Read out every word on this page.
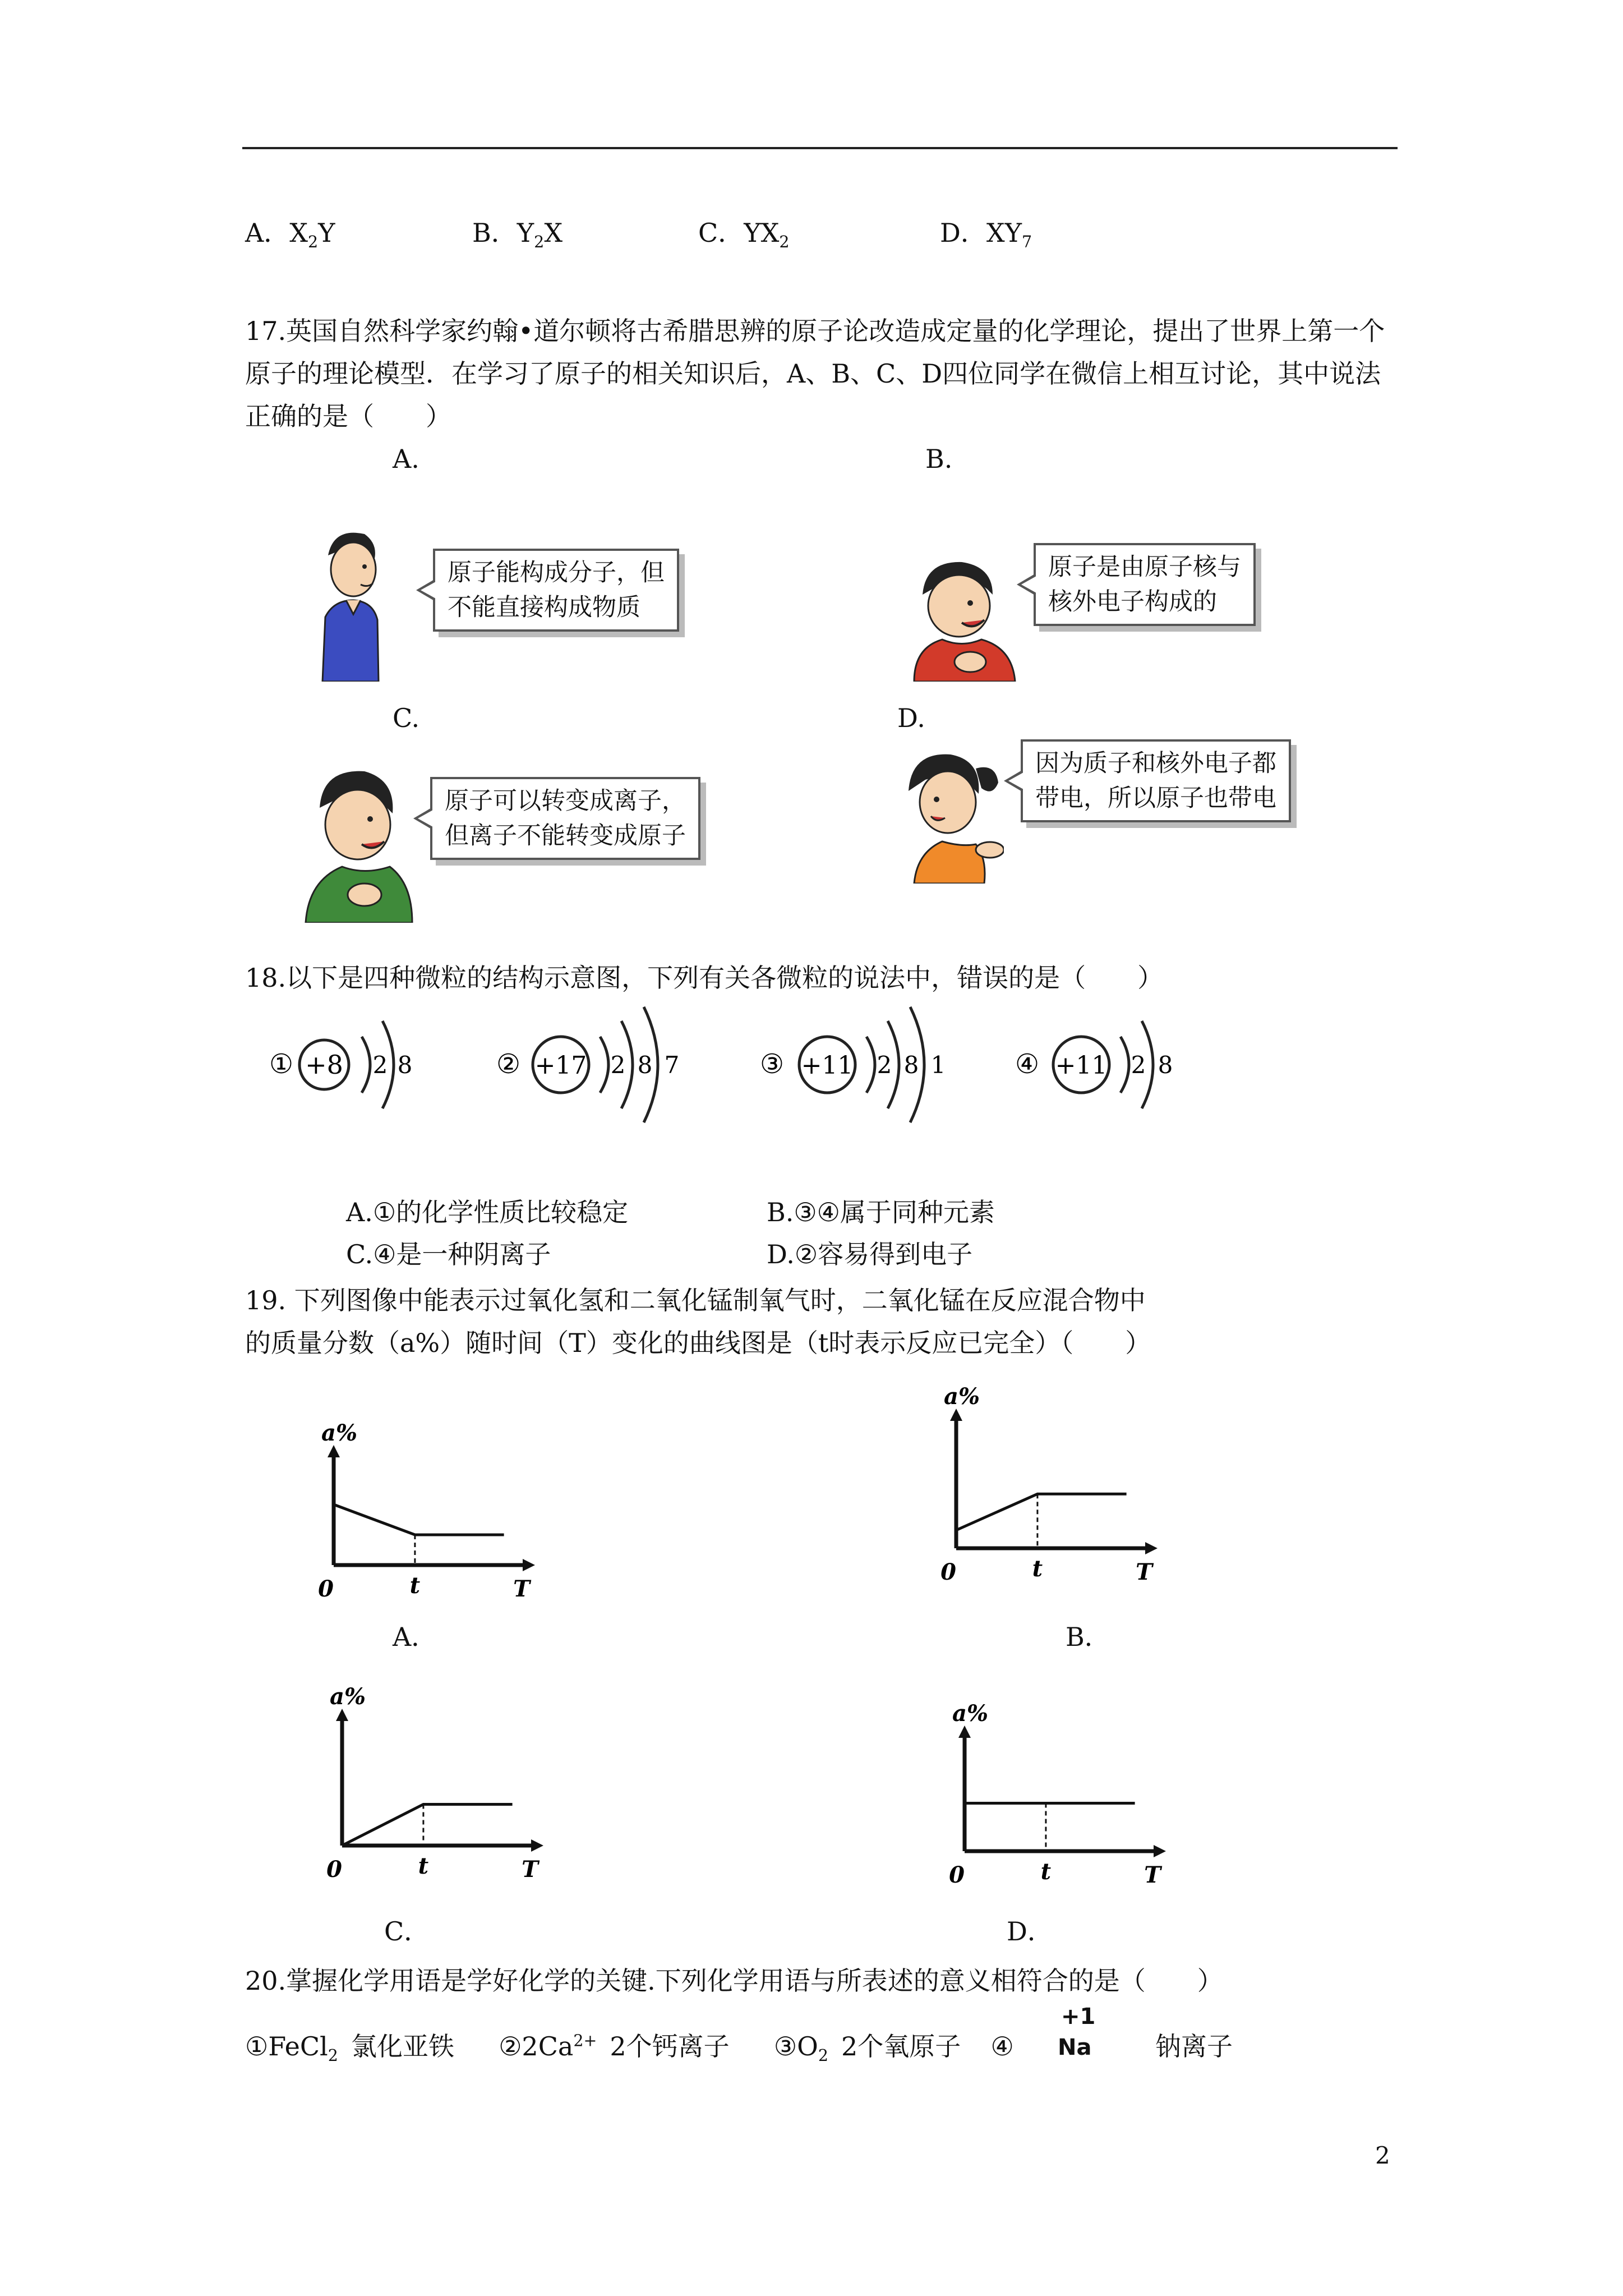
A．$X_2Y$	B．$Y_2X$	C．$YX_2$	D．$XY_7$
17.英国自然科学家约翰•道尔顿将古希腊思辨的原子论改造成定量的化学理论，提出了世界上第一个原子的理论模型．在学习了原子的相关知识后，A、B、C、D四位同学在微信上相互讨论，其中说法正确的是（　　）
A.	B.
原子能构成分子，但
不能直接构成物质
原子是由原子核与
核外电子构成的
C.	D.
原子可以转变成离子，
但离子不能转变成原子
因为质子和核外电子都
带电，所以原子也带电
18.以下是四种微粒的结构示意图，下列有关各微粒的说法中，错误的是（　　）
① +8 2 8	② +17 2 8 7	③ +11 2 8 1	④ +11 2 8
A.①的化学性质比较稳定	B.③④属于同种元素
C.④是一种阴离子	D.②容易得到电子
19. 下列图像中能表示过氧化氢和二氧化锰制氧气时，二氧化锰在反应混合物中
的质量分数（a%）随时间（T）变化的曲线图是（t时表示反应已完全）（　　）
a%
0	t	T
A．
a%
0	t	T
B．
a%
0	t	T
C．
a%
0	t	T
D．
20.掌握化学用语是学好化学的关键.下列化学用语与所表述的意义相符合的是（　　）
①FeCl$_2$  氯化亚铁 $②2Ca^{2+}$  2个钙离子 $③O_2$  2个氧原子 ④
+1
Na 钠离子
2
